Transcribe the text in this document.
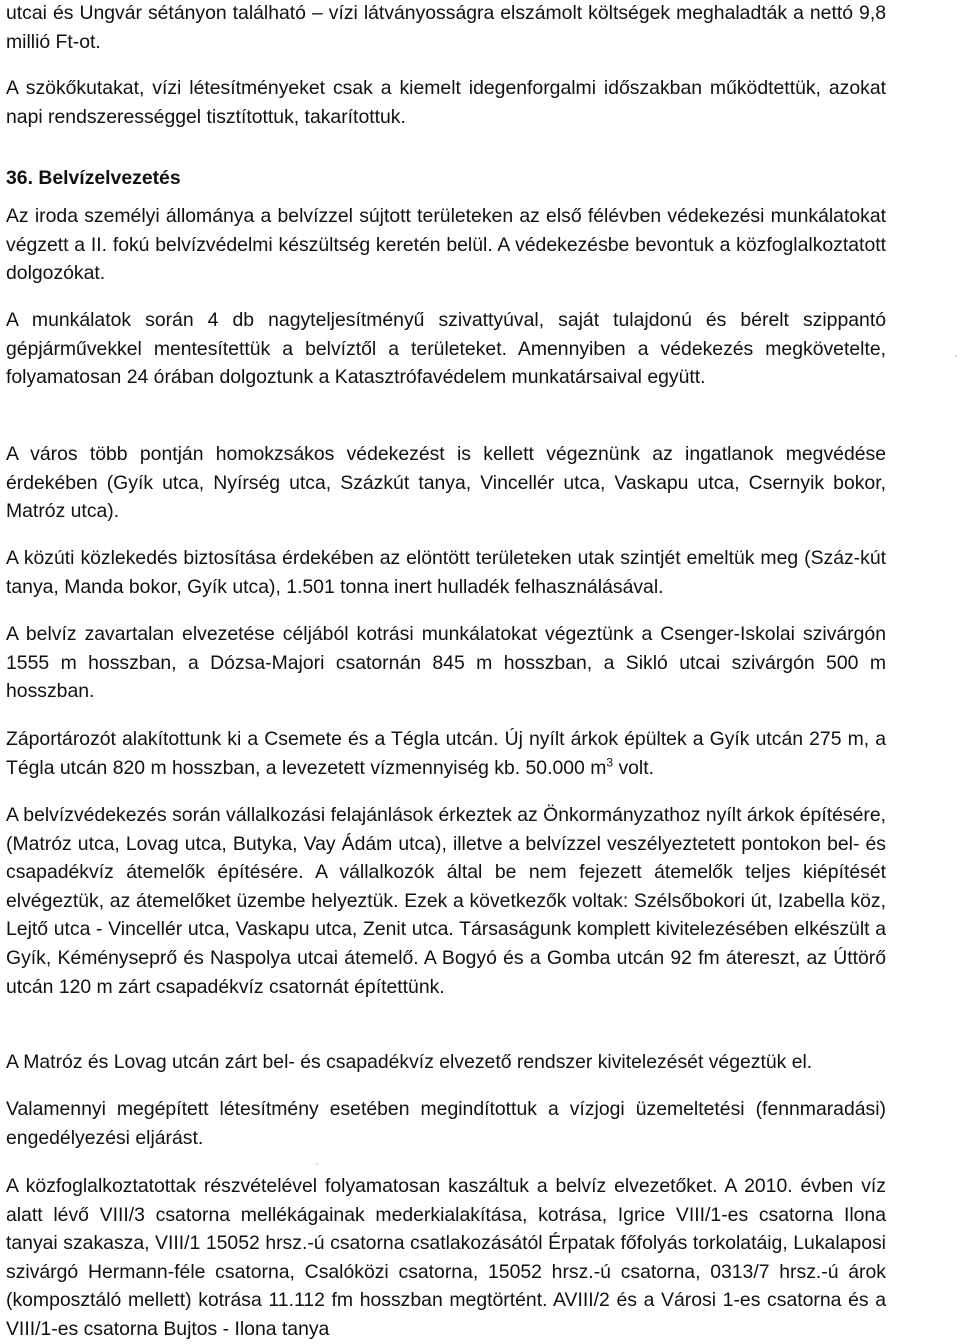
utcai és Ungvár sétányon található – vízi látványosságra elszámolt költségek meghaladták a nettó 9,8 millió Ft-ot.

A szökőkutakat, vízi létesítményeket csak a kiemelt idegenforgalmi időszakban működtettük, azokat napi rendszerességgel tisztítottuk, takarítottuk.

36. Belvízelvezetés

Az iroda személyi állománya a belvízzel sújtott területeken az első félévben védekezési munkálatokat végzett a II. fokú belvízvédelmi készültség keretén belül. A védekezésbe bevontuk a közfoglalkoztatott dolgozókat.

A munkálatok során 4 db nagyteljesítményű szivattyúval, saját tulajdonú és bérelt szippantó gépjárművekkel mentesítettük a belvíztől a területeket. Amennyiben a védekezés megkövetelte, folyamatosan 24 órában dolgoztunk a Katasztrófavédelem munkatársaival együtt.

A város több pontján homokzsákos védekezést is kellett végeznünk az ingatlanok megvédése érdekében (Gyík utca, Nyírség utca, Százkút tanya, Vincellér utca, Vaskapu utca, Csernyik bokor, Matróz utca).

A közúti közlekedés biztosítása érdekében az elöntött területeken utak szintjét emeltük meg (Száz-kút tanya, Manda bokor, Gyík utca), 1.501 tonna inert hulladék felhasználásával.

A belvíz zavartalan elvezetése céljából kotrási munkálatokat végeztünk a Csenger-Iskolai szivárgón 1555 m hosszban, a Dózsa-Majori csatornán 845 m hosszban, a Sikló utcai szivárgón 500 m hosszban.

Záportározót alakítottunk ki a Csemete és a Tégla utcán. Új nyílt árkok épültek a Gyík utcán 275 m, a Tégla utcán 820 m hosszban, a levezetett vízmennyiség kb. 50.000 $m^3$ volt.

A belvízvédekezés során vállalkozási felajánlások érkeztek az Önkormányzathoz nyílt árkok építésére, (Matróz utca, Lovag utca, Butyka, Vay Ádám utca), illetve a belvízzel veszélyeztetett pontokon bel- és csapadékvíz átemelők építésére. A vállalkozók által be nem fejezett átemelők teljes kiépítését elvégeztük, az átemelőket üzembe helyeztük. Ezek a következők voltak: Szélsőbokori út, Izabella köz, Lejtő utca - Vincellér utca, Vaskapu utca, Zenit utca. Társaságunk komplett kivitelezésében elkészült a Gyík, Kéményseprő és Naspolya utcai átemelő. A Bogyó és a Gomba utcán 92 fm átereszt, az Úttörő utcán 120 m zárt csapadékvíz csatornát építettünk.

A Matróz és Lovag utcán zárt bel- és csapadékvíz elvezető rendszer kivitelezését végeztük el.

Valamennyi megépített létesítmény esetében megindítottuk a vízjogi üzemeltetési (fennmaradási) engedélyezési eljárást.

A közfoglalkoztatottak részvételével folyamatosan kaszáltuk a belvíz elvezetőket. A 2010. évben víz alatt lévő VIII/3 csatorna mellékágainak mederkialakítása, kotrása, Igrice VIII/1-es csatorna Ilona tanyai szakasza, VIII/1 15052 hrsz.-ú csatorna csatlakozásától Érpatak főfolyás torkolatáig, Lukalaposi szivárgó Hermann-féle csatorna, Csalóközi csatorna, 15052 hrsz.-ú csatorna, 0313/7 hrsz.-ú árok (komposztáló mellett) kotrása 11.112 fm hosszban megtörtént. AVIII/2 és a Városi 1-es csatorna és a VIII/1-es csatorna Bujtos - Ilona tanya
